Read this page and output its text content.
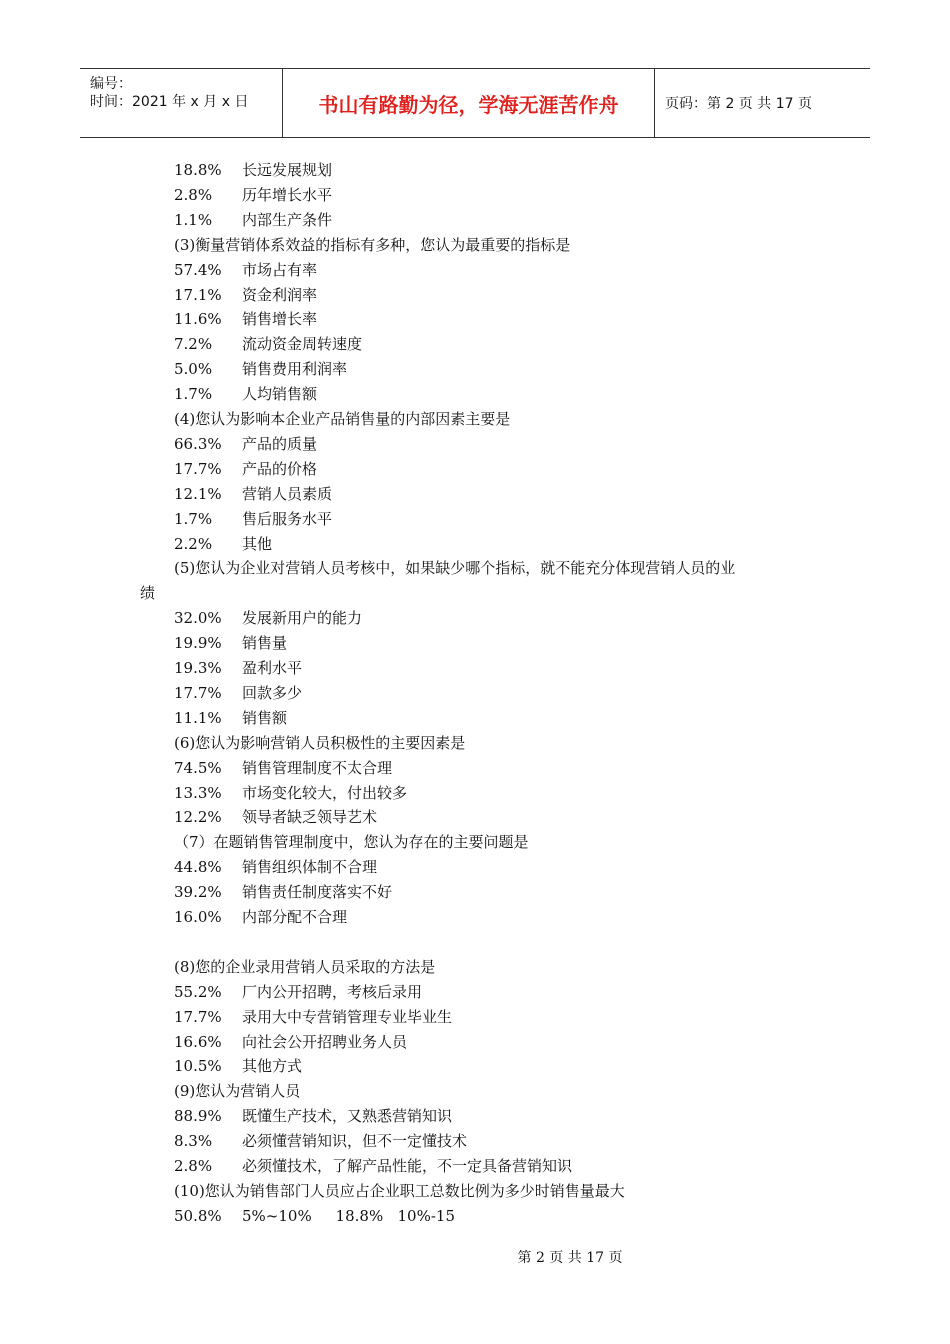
编号：
时间：2021 年 x 月 x 日	书山有路勤为径，学海无涯苦作舟	页码：第 2 页 共 17 页
18.8% 长远发展规划
2.8% 历年增长水平
1.1% 内部生产条件
(3)衡量营销体系效益的指标有多种，您认为最重要的指标是
57.4% 市场占有率
17.1% 资金利润率
11.6% 销售增长率
7.2% 流动资金周转速度
5.0% 销售费用利润率
1.7% 人均销售额
(4)您认为影响本企业产品销售量的内部因素主要是
66.3% 产品的质量
17.7% 产品的价格
12.1% 营销人员素质
1.7% 售后服务水平
2.2% 其他
(5)您认为企业对营销人员考核中，如果缺少哪个指标，就不能充分体现营销人员的业
绩
32.0% 发展新用户的能力
19.9% 销售量
19.3% 盈利水平
17.7% 回款多少
11.1% 销售额
(6)您认为影响营销人员积极性的主要因素是
74.5% 销售管理制度不太合理
13.3% 市场变化较大，付出较多
12.2% 领导者缺乏领导艺术
（7）在题销售管理制度中，您认为存在的主要问题是
44.8% 销售组织体制不合理
39.2% 销售责任制度落实不好
16.0% 内部分配不合理
(8)您的企业录用营销人员采取的方法是
55.2% 厂内公开招聘，考核后录用
17.7% 录用大中专营销管理专业毕业生
16.6% 向社会公开招聘业务人员
10.5% 其他方式
(9)您认为营销人员
88.9% 既懂生产技术，又熟悉营销知识
8.3% 必须懂营销知识，但不一定懂技术
2.8% 必须懂技术，了解产品性能，不一定具备营销知识
(10)您认为销售部门人员应占企业职工总数比例为多少时销售量最大
50.8% 5%~10%     18.8%   10%-15
第 2 页 共 17 页
